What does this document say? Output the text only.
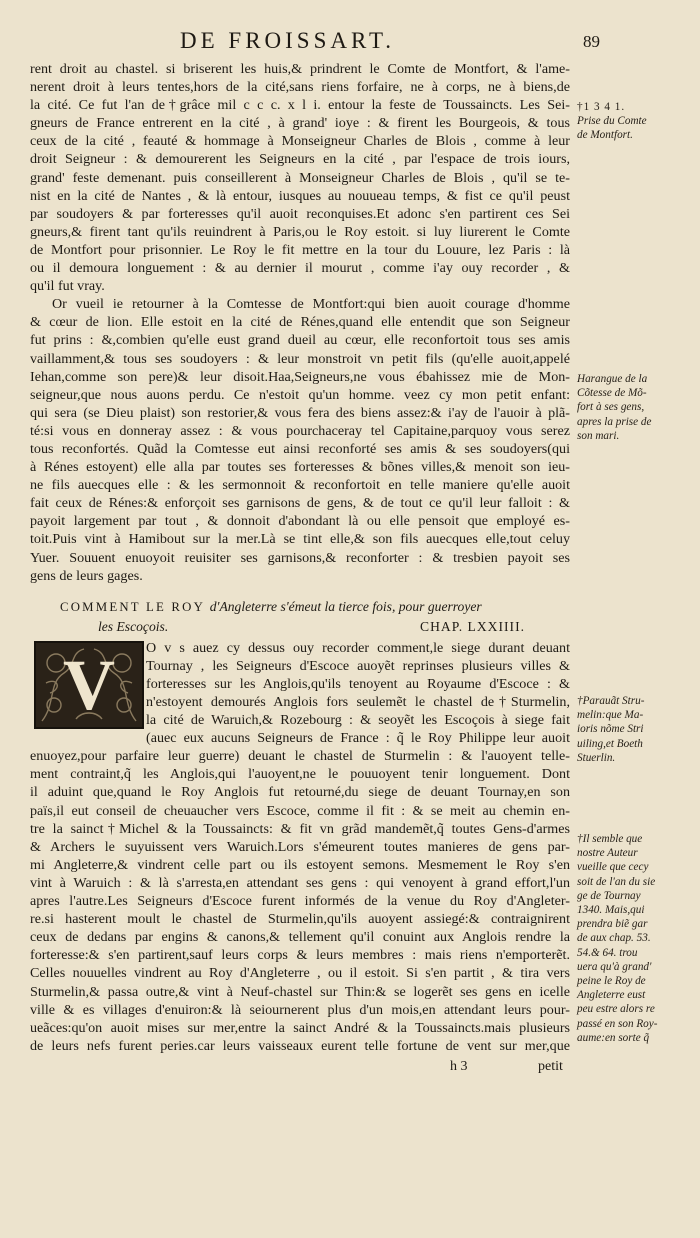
DE FROISSART.	89
rent droit au chastel. si briserent les huis,& prindrent le Comte de Montfort, & l'ame-
nerent droit à leurs tentes,hors de la cité,sans riens forfaire, ne à corps, ne à biens,de
la cité. Ce fut l'an de†grâce mil c c c. x l i. entour la feste de Toussaincts. Les Sei-
gneurs de France entrerent en la cité , à grand' ioye : & firent les Bourgeois, & tous
ceux de la cité , feauté & hommage à Monseigneur Charles de Blois , comme à leur
droit Seigneur : & demourerent les Seigneurs en la cité , par l'espace de trois iours,
grand' feste demenant. puis conseillerent à Monseigneur Charles de Blois , qu'il se te-
nist en la cité de Nantes , & là entour, iusques au nouueau temps, & fist ce qu'il peust
par soudoyers & par forteresses qu'il auoit reconquises.Et adonc s'en partirent ces Sei
gneurs,& firent tant qu'ils reuindrent à Paris,ou le Roy estoit. si luy liurerent le Comte
de Montfort pour prisonnier. Le Roy le fit mettre en la tour du Louure, lez Paris : là
ou il demoura longuement : & au dernier il mourut , comme i'ay ouy recorder , &
qu'il fut vray.
Or vueil ie retourner à la Comtesse de Montfort:qui bien auoit courage d'homme
& cœur de lion. Elle estoit en la cité de Rénes,quand elle entendit que son Seigneur
fut prins : &,combien qu'elle eust grand dueil au cœur, elle reconfortoit tous ses amis
vaillamment,& tous ses soudoyers : & leur monstroit vn petit fils (qu'elle auoit,appelé
Iehan,comme son pere)& leur disoit.Haa,Seigneurs,ne vous ébahissez mie de Mon-
seigneur,que nous auons perdu. Ce n'estoit qu'un homme. veez cy mon petit enfant:
qui sera (se Dieu plaist) son restorier,& vous fera des biens assez:& i'ay de l'auoir à plã-
té:si vous en donneray assez : & vous pourchaceray tel Capitaine,parquoy vous serez
tous reconfortés. Quãd la Comtesse eut ainsi reconforté ses amis & ses soudoyers(qui
à Rénes estoyent) elle alla par toutes ses forteresses & bõnes villes,& menoit son ieu-
ne fils auecques elle : & les sermonnoit & reconfortoit en telle maniere qu'elle auoit
fait ceux de Rénes:& enforçoit ses garnisons de gens, & de tout ce qu'il leur falloit : &
payoit largement par tout , & donnoit d'abondant là ou elle pensoit que employé es-
toit.Puis vint à Hamibout sur la mer.Là se tint elle,& son fils auecques elle,tout celuy
Yuer. Souuent enuoyoit reuisiter ses garnisons,& reconforter : & tresbien payoit ses
gens de leurs gages.
COMMENT LE ROY d'Angleterre s'émeut la tierce fois, pour guerroyer
les Escoçois.	CHAP. LXXIIII.
V O v s auez cy dessus ouy recorder comment,le siege durant deuant
Tournay , les Seigneurs d'Escoce auoyẽt reprinses plusieurs villes &
forteresses sur les Anglois,qu'ils tenoyent au Royaume d'Escoce : &
n'estoyent demourés Anglois fors seulemẽt le chastel de†Sturmelin,
la cité de Waruich,& Rozebourg : & seoyẽt les Escoçois à siege fait
(auec eux aucuns Seigneurs de France : q̃ le Roy Philippe leur auoit
enuoyez,pour parfaire leur guerre) deuant le chastel de Sturmelin : & l'auoyent telle-
ment contraint,q̃ les Anglois,qui l'auoyent,ne le pouuoyent tenir longuement. Dont
il aduint que,quand le Roy Anglois fut retourné,du siege de deuant Tournay,en son
païs,il eut conseil de cheuaucher vers Escoce, comme il fit : & se meit au chemin en-
tre la sainct†Michel & la Toussaincts: & fit vn grãd mandemẽt,q̃ toutes Gens-d'armes
& Archers le suyuissent vers Waruich.Lors s'émeurent toutes manieres de gens par-
mi Angleterre,& vindrent celle part ou ils estoyent semons. Mesmement le Roy s'en
vint à Waruich : & là s'arresta,en attendant ses gens : qui venoyent à grand effort,l'un
apres l'autre.Les Seigneurs d'Escoce furent informés de la venue du Roy d'Angleter-
re.si hasterent moult le chastel de Sturmelin,qu'ils auoyent assiegé:& contraignirent
ceux de dedans par engins & canons,& tellement qu'il conuint aux Anglois rendre la
forteresse:& s'en partirent,sauf leurs corps & leurs membres : mais riens n'emporterẽt.
Celles nouuelles vindrent au Roy d'Angleterre , ou il estoit. Si s'en partit , & tira vers
Sturmelin,& passa outre,& vint à Neuf-chastel sur Thin:& se logerẽt ses gens en icelle
ville & es villages d'enuiron:& là seiournerent plus d'un mois,en attendant leurs pour-
ueãces:qu'on auoit mises sur mer,entre la sainct André & la Toussaincts.mais plusieurs
de leurs nefs furent peries.car leurs vaisseaux eurent telle fortune de vent sur mer,que
h 3	petit
†1 3 4 1.
Prise du Comte
de Montfort.
Harangue de la
Cõtesse de Mõ-
fort à ses gens,
apres la prise de
son mari.
†Parauãt Stru-
melin:que Ma-
ioris nõme Stri
uiling,et Boeth
Stuerlin.
†Il semble que
nostre Auteur
vueille que cecy
soit de l'an du sie
ge de Tournay
1340. Mais,qui
prendra biẽ gar
de aux chap. 53.
54.& 64. trou
uera qu'à grand'
peine le Roy de
Angleterre eust
peu estre alors re
passé en son Roy-
aume:en sorte q̃
